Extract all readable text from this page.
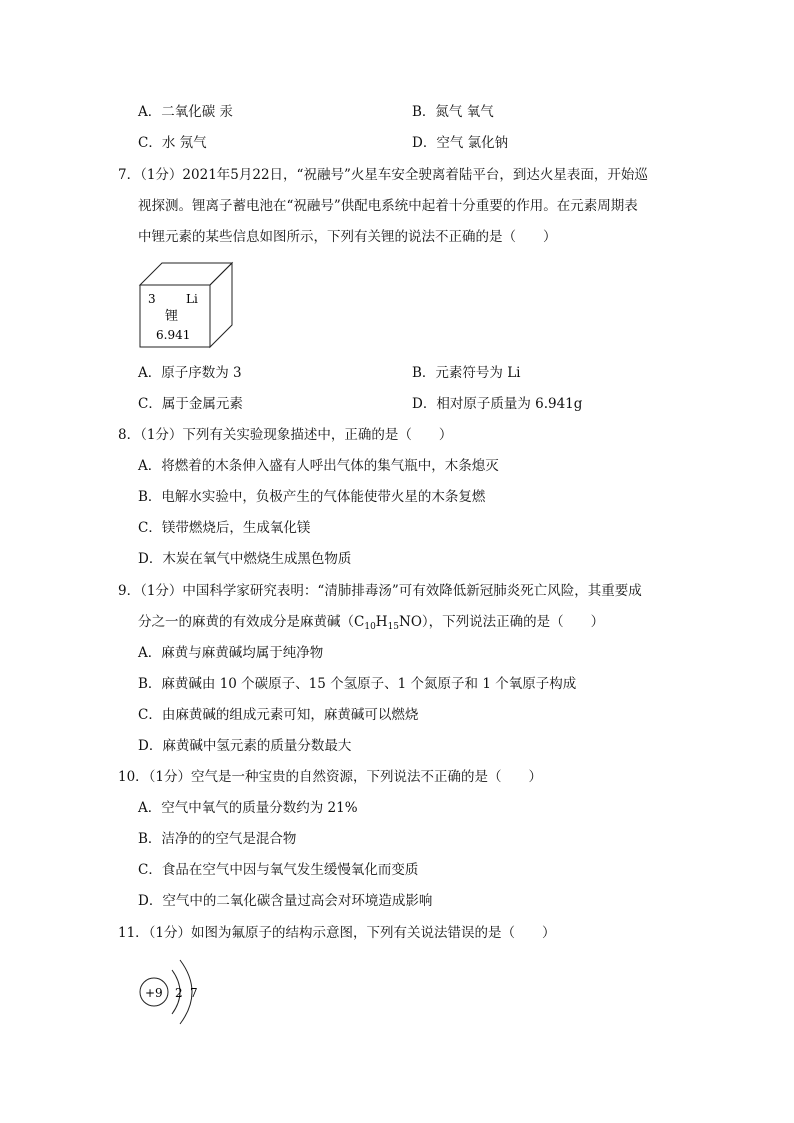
A．二氧化碳 汞	B．氮气 氧气
C．水 氖气	D．空气 氯化钠
7．（1分）2021年5月22日，“祝融号”火星车安全驶离着陆平台，到达火星表面，开始巡
视探测。锂离子蓄电池在“祝融号”供配电系统中起着十分重要的作用。在元素周期表
中锂元素的某些信息如图所示，下列有关锂的说法不正确的是（　　）
3	Li
锂
6.941
A．原子序数为 3	B．元素符号为 Li
C．属于金属元素	D．相对原子质量为 6.941g
8．（1分）下列有关实验现象描述中，正确的是（　　）
A．将燃着的木条伸入盛有人呼出气体的集气瓶中，木条熄灭
B．电解水实验中，负极产生的气体能使带火星的木条复燃
C．镁带燃烧后，生成氧化镁
D．木炭在氧气中燃烧生成黑色物质
9．（1分）中国科学家研究表明：“清肺排毒汤”可有效降低新冠肺炎死亡风险，其重要成
分之一的麻黄的有效成分是麻黄碱$(C_{10}H_{15}NO)$，下列说法正确的是（　　）
A．麻黄与麻黄碱均属于纯净物
B．麻黄碱由 10 个碳原子、15 个氢原子、1 个氮原子和 1 个氧原子构成
C．由麻黄碱的组成元素可知，麻黄碱可以燃烧
D．麻黄碱中氢元素的质量分数最大
10．（1分）空气是一种宝贵的自然资源，下列说法不正确的是（　　）
A．空气中氧气的质量分数约为 21%
B．洁净的的空气是混合物
C．食品在空气中因与氧气发生缓慢氧化而变质
D．空气中的二氧化碳含量过高会对环境造成影响
11．（1分）如图为氟原子的结构示意图，下列有关说法错误的是（　　）
+9 2 7
